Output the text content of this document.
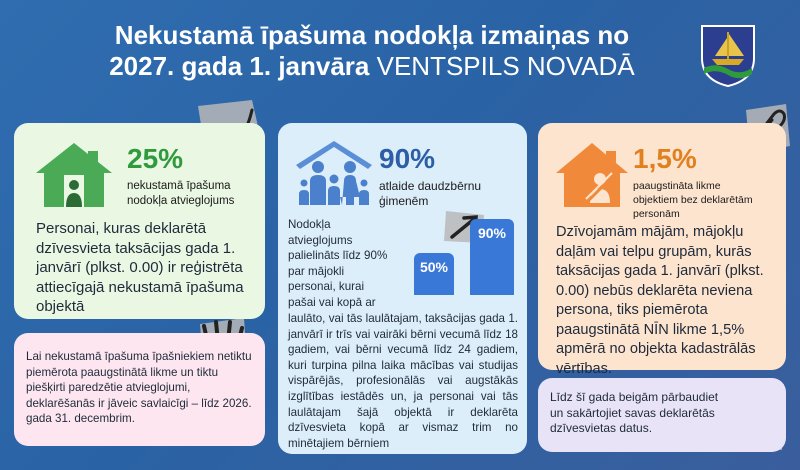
Nekustamā īpašuma nodokļa izmaiņas no
2027. gada 1. janvāra VENTSPILS NOVADĀ
25%
nekustamā īpašuma
nodokļa atvieglojums
Personai, kuras deklarētā dzīvesvieta taksācijas gada 1. janvārī (plkst. 0.00) ir reģistrēta attiecīgajā nekustamā īpašuma objektā
90%
atlaide daudzbērnu
ģimenēm
50%
90%
Nodokļa
atvieglojums
palielināts līdz 90%
par mājokli
personai, kurai
pašai vai kopā ar
laulāto, vai tās laulātajam, taksācijas gada 1. janvārī ir trīs vai vairāki bērni vecumā līdz 18 gadiem, vai bērni vecumā līdz 24 gadiem, kuri turpina pilna laika mācības vai studijas vispārējās, profesionālās vai augstākās izglītības iestādēs un, ja personai vai tās laulātajam šajā objektā ir deklarēta dzīvesvieta kopā ar vismaz trim no minētajiem bērniem
1,5%
paaugstināta likme
objektiem bez deklarētām
personām
Dzīvojamām mājām, mājokļu daļām vai telpu grupām, kurās taksācijas gada 1. janvārī (plkst. 0.00) nebūs deklarēta neviena persona, tiks piemērota paaugstinātā NĪN likme 1,5% apmērā no objekta kadastrālās vērtības.
Lai nekustamā īpašuma īpašniekiem netiktu piemērota paaugstinātā likme un tiktu piešķirti paredzētie atvieglojumi, deklarēšanās ir jāveic savlaicīgi – līdz 2026. gada 31. decembrim.
Līdz šī gada beigām pārbaudiet un sakārtojiet savas deklarētās dzīvesvietas datus.
